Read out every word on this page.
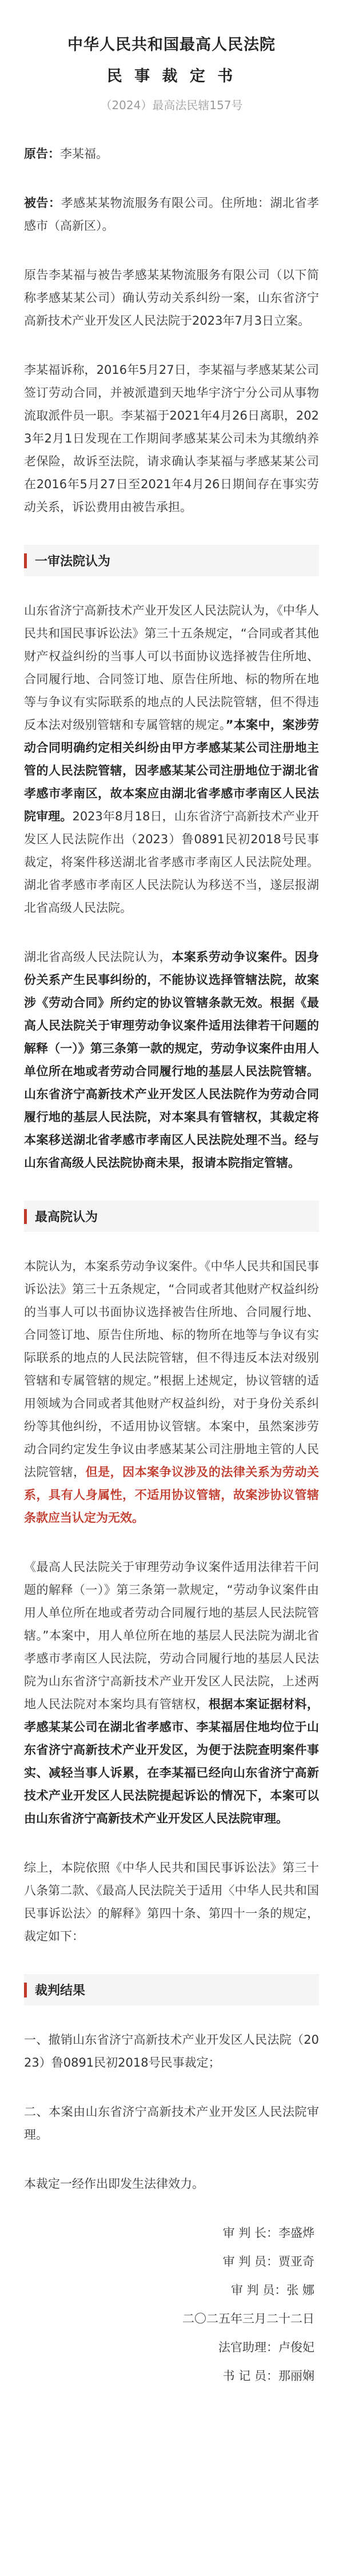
中华人民共和国最高人民法院
民 事 裁 定 书
（2024）最高法民辖157号

原告：李某福。

被告：孝感某某物流服务有限公司。住所地：湖北省孝感市（高新区）。

原告李某福与被告孝感某某物流服务有限公司（以下简称孝感某某公司）确认劳动关系纠纷一案，山东省济宁高新技术产业开发区人民法院于2023年7月3日立案。

李某福诉称，2016年5月27日，李某福与孝感某某公司签订劳动合同，并被派遣到天地华宇济宁分公司从事物流取派件员一职。李某福于2021年4月26日离职，2023年2月1日发现在工作期间孝感某某公司未为其缴纳养老保险，故诉至法院，请求确认李某福与孝感某某公司在2016年5月27日至2021年4月26日期间存在事实劳动关系，诉讼费用由被告承担。

一审法院认为

山东省济宁高新技术产业开发区人民法院认为，《中华人民共和国民事诉讼法》第三十五条规定，“合同或者其他财产权益纠纷的当事人可以书面协议选择被告住所地、合同履行地、合同签订地、原告住所地、标的物所在地等与争议有实际联系的地点的人民法院管辖，但不得违反本法对级别管辖和专属管辖的规定。”本案中，案涉劳动合同明确约定相关纠纷由甲方孝感某某公司注册地主管的人民法院管辖，因孝感某某公司注册地位于湖北省孝感市孝南区，故本案应由湖北省孝感市孝南区人民法院审理。2023年8月18日，山东省济宁高新技术产业开发区人民法院作出（2023）鲁0891民初2018号民事裁定，将案件移送湖北省孝感市孝南区人民法院处理。湖北省孝感市孝南区人民法院认为移送不当，遂层报湖北省高级人民法院。

湖北省高级人民法院认为，本案系劳动争议案件。因身份关系产生民事纠纷的，不能协议选择管辖法院，故案涉《劳动合同》所约定的协议管辖条款无效。根据《最高人民法院关于审理劳动争议案件适用法律若干问题的解释（一）》第三条第一款的规定，劳动争议案件由用人单位所在地或者劳动合同履行地的基层人民法院管辖。山东省济宁高新技术产业开发区人民法院作为劳动合同履行地的基层人民法院，对本案具有管辖权，其裁定将本案移送湖北省孝感市孝南区人民法院处理不当。经与山东省高级人民法院协商未果，报请本院指定管辖。

最高院认为

本院认为，本案系劳动争议案件。《中华人民共和国民事诉讼法》第三十五条规定，“合同或者其他财产权益纠纷的当事人可以书面协议选择被告住所地、合同履行地、合同签订地、原告住所地、标的物所在地等与争议有实际联系的地点的人民法院管辖，但不得违反本法对级别管辖和专属管辖的规定。”根据上述规定，协议管辖的适用领域为合同或者其他财产权益纠纷，对于身份关系纠纷等其他纠纷，不适用协议管辖。本案中，虽然案涉劳动合同约定发生争议由孝感某某公司注册地主管的人民法院管辖，但是，因本案争议涉及的法律关系为劳动关系，具有人身属性，不适用协议管辖，故案涉协议管辖条款应当认定为无效。

《最高人民法院关于审理劳动争议案件适用法律若干问题的解释（一）》第三条第一款规定，“劳动争议案件由用人单位所在地或者劳动合同履行地的基层人民法院管辖。”本案中，用人单位所在地的基层人民法院为湖北省孝感市孝南区人民法院，劳动合同履行地的基层人民法院为山东省济宁高新技术产业开发区人民法院，上述两地人民法院对本案均具有管辖权，根据本案证据材料，孝感某某公司在湖北省孝感市、李某福居住地均位于山东省济宁高新技术产业开发区，为便于法院查明案件事实、减轻当事人诉累，在李某福已经向山东省济宁高新技术产业开发区人民法院提起诉讼的情况下，本案可以由山东省济宁高新技术产业开发区人民法院审理。

综上，本院依照《中华人民共和国民事诉讼法》第三十八条第二款、《最高人民法院关于适用〈中华人民共和国民事诉讼法〉的解释》第四十条、第四十一条的规定，裁定如下：

裁判结果

一、撤销山东省济宁高新技术产业开发区人民法院（2023）鲁0891民初2018号民事裁定；

二、本案由山东省济宁高新技术产业开发区人民法院审理。

本裁定一经作出即发生法律效力。

审 判 长：李盛烨
审 判 员：贾亚奇
审 判 员：张 娜
二〇二五年三月二十二日
法官助理：卢俊妃
书 记 员：那丽娴
